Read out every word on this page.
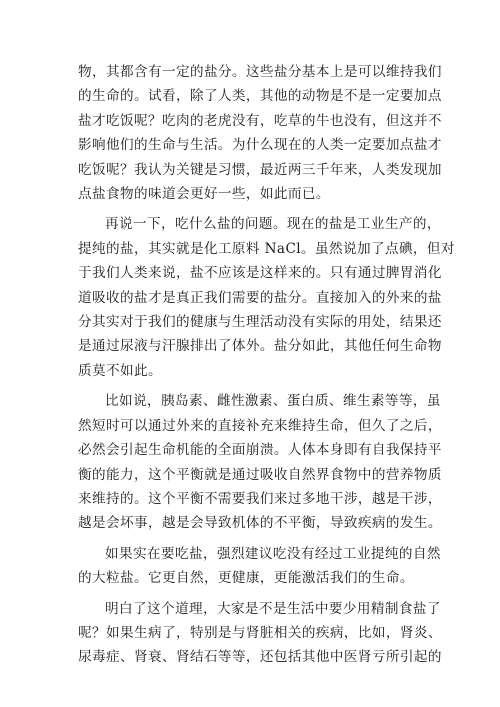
物，其都含有一定的盐分。这些盐分基本上是可以维持我们
的生命的。试看，除了人类，其他的动物是不是一定要加点
盐才吃饭呢？吃肉的老虎没有，吃草的牛也没有，但这并不
影响他们的生命与生活。为什么现在的人类一定要加点盐才
吃饭呢？我认为关键是习惯，最近两三千年来，人类发现加
点盐食物的味道会更好一些，如此而已。

再说一下，吃什么盐的问题。现在的盐是工业生产的，
提纯的盐，其实就是化工原料 NaCl。虽然说加了点碘，但对
于我们人类来说，盐不应该是这样来的。只有通过脾胃消化
道吸收的盐才是真正我们需要的盐分。直接加入的外来的盐
分其实对于我们的健康与生理活动没有实际的用处，结果还
是通过尿液与汗腺排出了体外。盐分如此，其他任何生命物
质莫不如此。

比如说，胰岛素、雌性激素、蛋白质、维生素等等，虽
然短时可以通过外来的直接补充来维持生命，但久了之后，
必然会引起生命机能的全面崩溃。人体本身即有自我保持平
衡的能力，这个平衡就是通过吸收自然界食物中的营养物质
来维持的。这个平衡不需要我们来过多地干涉，越是干涉，
越是会坏事，越是会导致机体的不平衡，导致疾病的发生。

如果实在要吃盐，强烈建议吃没有经过工业提纯的自然
的大粒盐。它更自然，更健康，更能激活我们的生命。

明白了这个道理，大家是不是生活中要少用精制食盐了
呢？如果生病了，特别是与肾脏相关的疾病，比如，肾炎、
尿毒症、肾衰、肾结石等等，还包括其他中医肾亏所引起的
